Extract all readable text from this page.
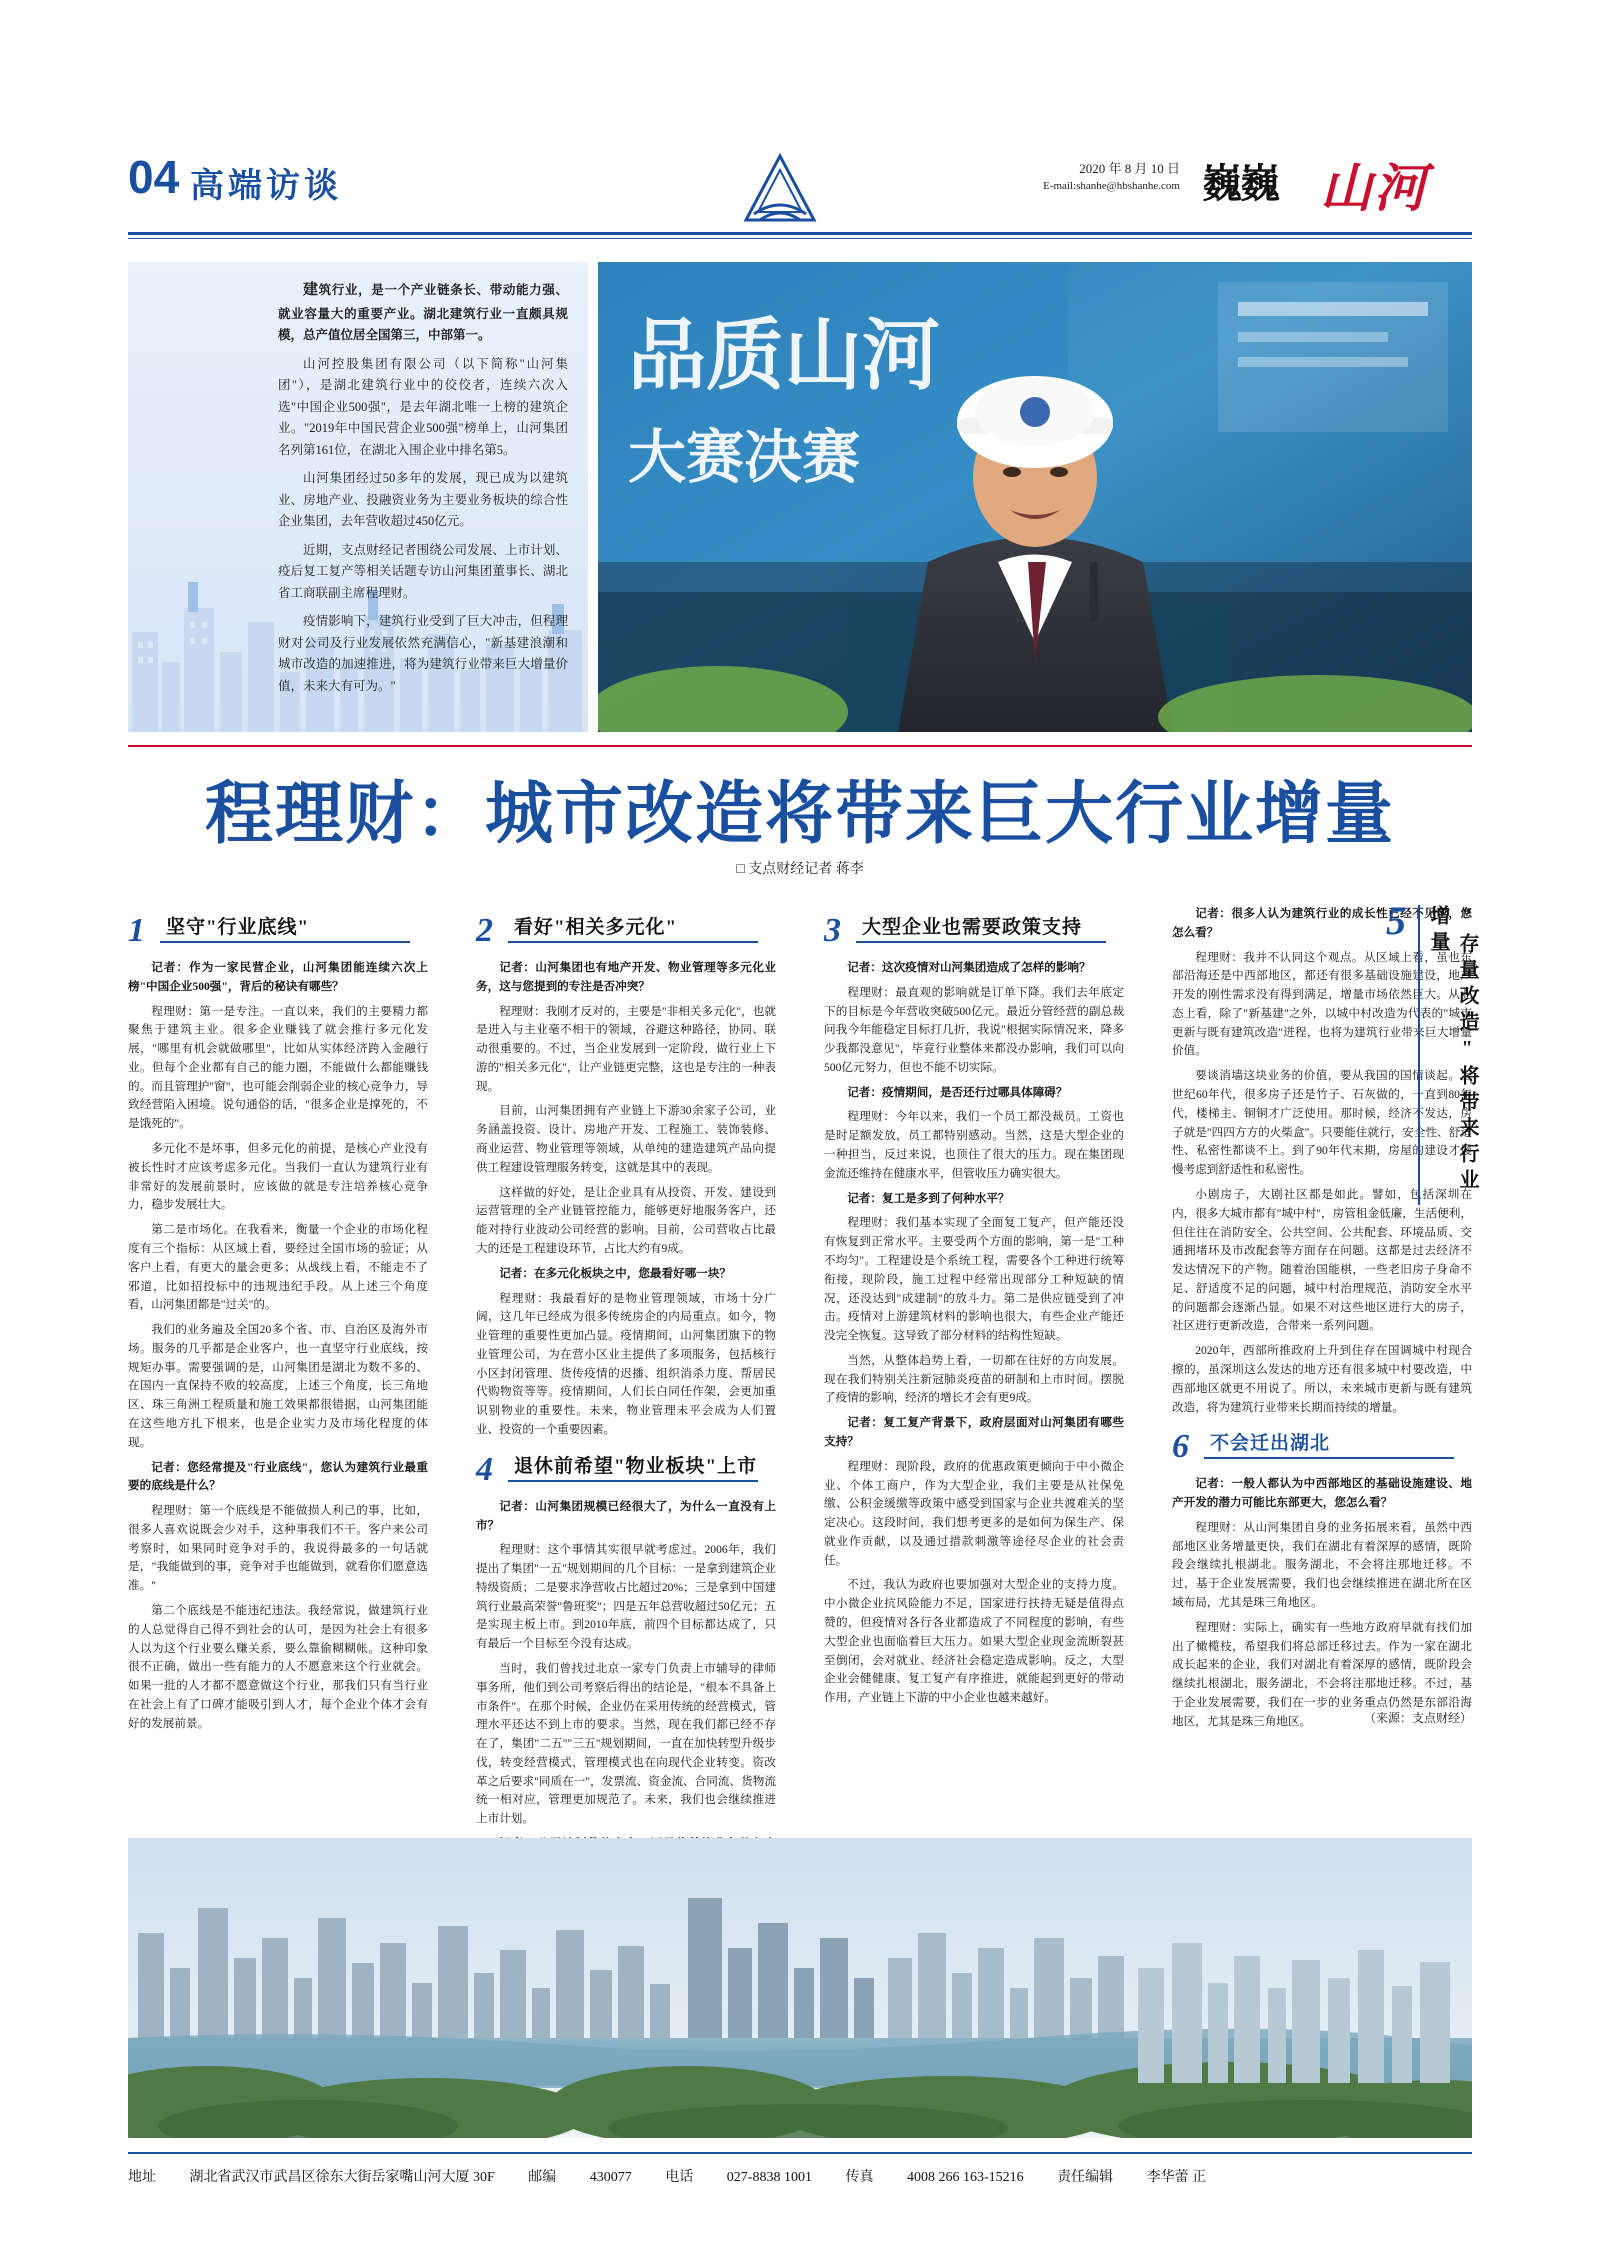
04 高端访谈	2020 年 8 月 10 日
E-mail:shanhe@hbshanhe.com 巍巍 山河

建筑行业，是一个产业链条长、带动能力强、就业容量大的重要产业。湖北建筑行业一直颇具规模，总产值位居全国第三，中部第一。

山河控股集团有限公司（以下简称"山河集团"），是湖北建筑行业中的佼佼者，连续六次入选"中国企业500强"，是去年湖北唯一上榜的建筑企业。"2019年中国民营企业500强"榜单上，山河集团名列第161位，在湖北入围企业中排名第5。

山河集团经过50多年的发展，现已成为以建筑业、房地产业、投融资业务为主要业务板块的综合性企业集团，去年营收超过450亿元。

近期，支点财经记者围绕公司发展、上市计划、疫后复工复产等相关话题专访山河集团董事长、湖北省工商联副主席程理财。

疫情影响下，建筑行业受到了巨大冲击，但程理财对公司及行业发展依然充满信心，"新基建浪潮和城市改造的加速推进，将为建筑行业带来巨大增量价值，未来大有可为。"

品质山河
大赛决赛
程理财：城市改造将带来巨大行业增量
□ 支点财经记者 蒋李
1 坚守"行业底线"

记者：作为一家民营企业，山河集团能连续六次上榜"中国企业500强"，背后的秘诀有哪些？

程理财：第一是专注。一直以来，我们的主要精力都聚焦于建筑主业。很多企业赚钱了就会推行多元化发展，"哪里有机会就做哪里"，比如从实体经济跨入金融行业。但每个企业都有自己的能力圈，不能做什么都能赚钱的。而且管理护"窗"，也可能会削弱企业的核心竞争力，导致经营陷入困境。说句通俗的话，"很多企业是撑死的，不是饿死的"。

多元化不是坏事，但多元化的前提，是核心产业没有被长性时才应该考虑多元化。当我们一直认为建筑行业有非常好的发展前景时，应该做的就是专注培养核心竞争力，稳步发展壮大。

第二是市场化。在我看来，衡量一个企业的市场化程度有三个指标：从区域上看，要经过全国市场的验证；从客户上看，有更大的量会更多；从战线上看，不能走不了邪道，比如招投标中的违规违纪手段。从上述三个角度看，山河集团都是"过关"的。

我们的业务遍及全国20多个省、市、自治区及海外市场。服务的几乎都是企业客户，也一直坚守行业底线，按规矩办事。需要强调的是，山河集团是湖北为数不多的、在国内一直保持不败的较高度，上述三个角度，长三角地区、珠三角洲工程质量和施工效果都很错据，山河集团能在这些地方扎下根来，也是企业实力及市场化程度的体现。

记者：您经常提及"行业底线"，您认为建筑行业最重要的底线是什么？

程理财：第一个底线是不能做损人利己的事，比如，很多人喜欢说既会少对手，这种事我们不干。客户来公司考察时，如果同时竞争对手的，我说得最多的一句话就是，"我能做到的事，竞争对手也能做到，就看你们愿意选准。"

第二个底线是不能违纪违法。我经常说，做建筑行业的人总觉得自己得不到社会的认可，是因为社会上有很多人以为这个行业要么赚关系，要么靠偷糊糊帐。这种印象很不正确，做出一些有能力的人不愿意来这个行业就会。如果一批的人才都不愿意做这个行业，那我们只有当行业在社会上有了口碑才能吸引到人才，每个企业个体才会有好的发展前景。

2 看好"相关多元化"

记者：山河集团也有地产开发、物业管理等多元化业务，这与您提到的专注是否冲突？

程理财：我刚才反对的，主要是"非相关多元化"，也就是进入与主业毫不相干的领域，谷避这种路径，协同、联动很重要的。不过，当企业发展到一定阶段，做行业上下游的"相关多元化"，让产业链更完整，这也是专注的一种表现。

目前，山河集团拥有产业链上下游30余家子公司，业务涵盖投资、设计、房地产开发、工程施工、装饰装修、商业运营、物业管理等领域，从单纯的建造建筑产品向提供工程建设管理服务转变，这就是其中的表现。

这样做的好处，是让企业具有从投资、开发、建设到运营管理的全产业链管控能力，能够更好地服务客户，还能对持行业波动公司经营的影响。目前，公司营收占比最大的还是工程建设环节，占比大约有9成。

记者：在多元化板块之中，您最看好哪一块？

程理财：我最看好的是物业管理领域，市场十分广阔，这几年已经成为很多传统房企的内局重点。如今，物业管理的重要性更加凸显。疫情期间，山河集团旗下的物业管理公司，为在营小区业主提供了多项服务，包括核行小区封闭管理、货传疫情的迟播、组织消杀力度、帮居民代购物资等等。疫情期间，人们长白同任作架，会更加重识别物业的重要性。未来，物业管理未平会成为人们置业、投资的一个重要因素。

4 退休前希望"物业板块"上市

记者：山河集团规模已经很大了，为什么一直没有上市？

程理财：这个事情其实很早就考虑过。2006年，我们提出了集团"一五"规划期间的几个目标：一是拿到建筑企业特级资质；二是要求净营收占比超过20%；三是拿到中国建筑行业最高荣誉"鲁班奖"；四是五年总营收超过50亿元；五是实现主板上市。到2010年底，前四个目标都达成了，只有最后一个目标至今没有达成。

当时，我们曾找过北京一家专门负责上市辅导的律师事务所，他们到公司考察后得出的结论是，"根本不具备上市条件"。在那个时候，企业仍在采用传统的经营模式，管理水平还达不到上市的要求。当然，现在我们都已经不存在了，集团"二五""三五"规划期间，一直在加快转型升级步伐，转变经营模式，管理模式也在向现代企业转变。资改革之后要求"同质在一"，发票流、资金流、合同流、货物流统一相对应，管理更加规范了。未来，我们也会继续推进上市计划。

3 大型企业也需要政策支持

记者：这次疫情对山河集团造成了怎样的影响？

程理财：最直观的影响就是订单下降。我们去年底定下的目标是今年营收突破500亿元。最近分管经营的副总裁问我今年能稳定目标打几折，我说"根据实际情况来，降多少我都没意见"，毕竟行业整体来都没办影响，我们可以向500亿元努力，但也不能不切实际。

记者：疫情期间，是否还行过哪具体障碍？

程理财：今年以来，我们一个员工都没裁员。工资也是时足额发放，员工都特别感动。当然，这是大型企业的一种担当，反过来说，也顶住了很大的压力。现在集团现金流还维持在健康水平，但管收压力确实很大。

记者：复工是多到了何种水平？

程理财：我们基本实现了全面复工复产，但产能还没有恢复到正常水平。主要受两个方面的影响，第一是"工种不均匀"。工程建设是个系统工程，需要各个工种进行统筹衔接，现阶段，施工过程中经常出现部分工种短缺的情况，还没达到"成建制"的放斗力。第二是供应链受到了冲击。疫情对上游建筑材料的影响也很大，有些企业产能还没完全恢复。这导致了部分材料的结构性短缺。

当然，从整体趋势上看，一切都在往好的方向发展。现在我们特别关注新冠肺炎疫苗的研制和上市时间。摆脱了疫情的影响，经济的增长才会有更9成。

记者：复工复产背景下，政府层面对山河集团有哪些支持？

程理财：现阶段，政府的优惠政策更倾向于中小微企业、个体工商户，作为大型企业，我们主要是从社保免缴、公积金缓缴等政策中感受到国家与企业共渡难关的坚定决心。这段时间，我们想考更多的是如何为保生产、保就业作贡献，以及通过措款刺激等途径尽企业的社会责任。

不过，我认为政府也要加强对大型企业的支持力度。中小微企业抗风险能力不足，国家进行扶持无疑是值得点赞的，但疫情对各行各业都造成了不同程度的影响，有些大型企业也面临着巨大压力。如果大型企业现金流断裂甚至倒闭，会对就业、经济社会稳定造成影响。反之，大型企业会健健康、复工复产有序推进，就能起到更好的带动作用，产业链上下游的中小企业也越来越好。

记者：很多人认为建筑行业的成长性已经不见了，您怎么看？

程理财：我并不认同这个观点。从区域上看，虽也东部沿海还是中西部地区，都还有很多基础设施建设，地产开发的刚性需求没有得到满足，增量市场依然巨大。从业态上看，除了"新基建"之外，以城中村改造为代表的"城市更新与既有建筑改造"进程，也将为建筑行业带来巨大增量价值。

要谈消墙这块业务的价值，要从我国的国情谈起。上世纪60年代，很多房子还是竹子、石灰做的，一直到80年代，楼梯主、铜铜才广泛使用。那时候，经济不发达，房子就是"四四方方的火柴盒"。只要能住就行，安全性、舒适性、私密性都谈不上。到了90年代末期，房屋的建设才慢慢考虑到舒适性和私密性。

小剧房子，大剧社区都是如此。譬如，包括深圳在内，很多大城市都有"城中村"，房管租金低廉，生活便利，但住往在消防安全、公共空间、公共配套、环境品质、交通拥堵环及市改配套等方面存在问题。这都是过去经济不发达情况下的产物。随着治国能棋，一些老旧房子身命不足、舒适度不足的问题，城中村治理规范，消防安全水平的问题都会逐渐凸显。如果不对这些地区进行大的房子，社区进行更新改造，合带来一系列问题。

2020年，西部所推政府上升到住存在国调城中村现合擦的，虽深圳这么发达的地方还有很多城中村要改造，中西部地区就更不用说了。所以，未来城市更新与既有建筑改造，将为建筑行业带来长期而持续的增量。

6 不会迁出湖北

记者：一般人都认为中西部地区的基础设施建设、地产开发的潜力可能比东部更大，您怎么看？

程理财：从山河集团自身的业务拓展来看，虽然中西部地区业务增量更快，我们在湖北有着深厚的感情，既阶段会继续扎根湖北。服务湖北，不会将注那地迁移。不过，基于企业发展需要，我们也会继续推进在湖北所在区域布局，尤其是珠三角地区。

程理财：实际上，确实有一些地方政府早就有找们加出了橄榄枝，希望我们将总部迁移过去。作为一家在湖北成长起来的企业，我们对湖北有着深厚的感情，既阶段会继续扎根湖北，服务湖北，不会将注那地迁移。不过，基于企业发展需要，我们在一步的业务重点仍然是东部沿海地区，尤其是珠三角地区。	（来源：支点财经）
"存量改造"将带来行业增量
5
地址 湖北省武汉市武昌区徐东大街岳家嘴山河大厦 30F 邮编 430077 电话 027-8838 1001 传真 4008 266 163-15216 责任编辑 李华蕾 正
